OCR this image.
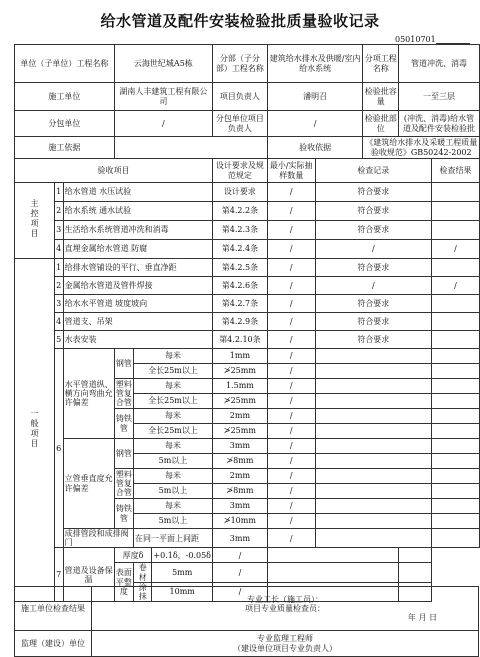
给水管道及配件安装检验批质量验收记录
05010701
单位（子单位）工程名称			云海世纪城A5栋			分部（子分部）工程名称	建筑给水排水及供暖/室内给水系统		分项工程名称	管道冲洗、消毒	
施工单位			湖南人丰建筑工程有限公司			项目负责人	潘明召		检验批容量	一至三层	
分包单位			/			分包单位项目负责人	/		检验批部位	(冲洗、消毒)给水管道及配件安装检验批	
施工依据							验收依据		《建筑给水排水及采暖工程质量验收规范》GB50242-2002		
验收项目						设计要求及规范规定	最小/实际抽样数量	检查记录			检查结果
主控项目	1	给水管道 水压试验				设计要求	/	符合要求			
	2	给水系统 通水试验				第4.2.2条	/	符合要求			
	3	生活给水系统管道冲洗和消毒				第4.2.3条	/	符合要求			
	4	直埋金属给水管道 防腐				第4.2.4条	/	/			/
一般项目	1	给排水管铺设的平行、垂直净距				第4.2.5条	/	符合要求			
	2	金属给水管道及管件焊接				第4.2.6条	/	/			/
	3	给水水平管道 坡度坡向				第4.2.7条	/	符合要求			
	4	管道支、吊架				第4.2.9条	/	符合要求			
	5	水表安装				第4.2.10条	/	符合要求			
	6	水平管道纵、横方向弯曲允许偏差	钢管	每米		1mm	/				
				全长25m以上		≯25mm	/				
			塑料管复合管	每米		1.5mm	/				
				全长25m以上		≯25mm	/				
			铸铁管	每米		2mm	/				
				全长25m以上		≯25mm	/				
		立管垂直度允许偏差	钢管	每米		3mm	/				
				5m以上		≯8mm	/				
			塑料管复合管	每米		2mm	/				
				5m以上		≯8mm	/				
			铸铁管	每米		3mm	/				
				5m以上		≯10mm	/				
		成排管段和成排阀门		在同一平面上间距		3mm	/				
	7	管道及设备保温	厚度δ		+0.1δ，-0.05δ	/					
			表面平整度	卷材	5mm	/					
				涂抹	10mm	/					
施工单位检查结果	专业工长（施工员）：
项目专业质量检查员：
年 月 日

监理（建设）单位	专业监理工程师
（建设单位项目专业负责人）
